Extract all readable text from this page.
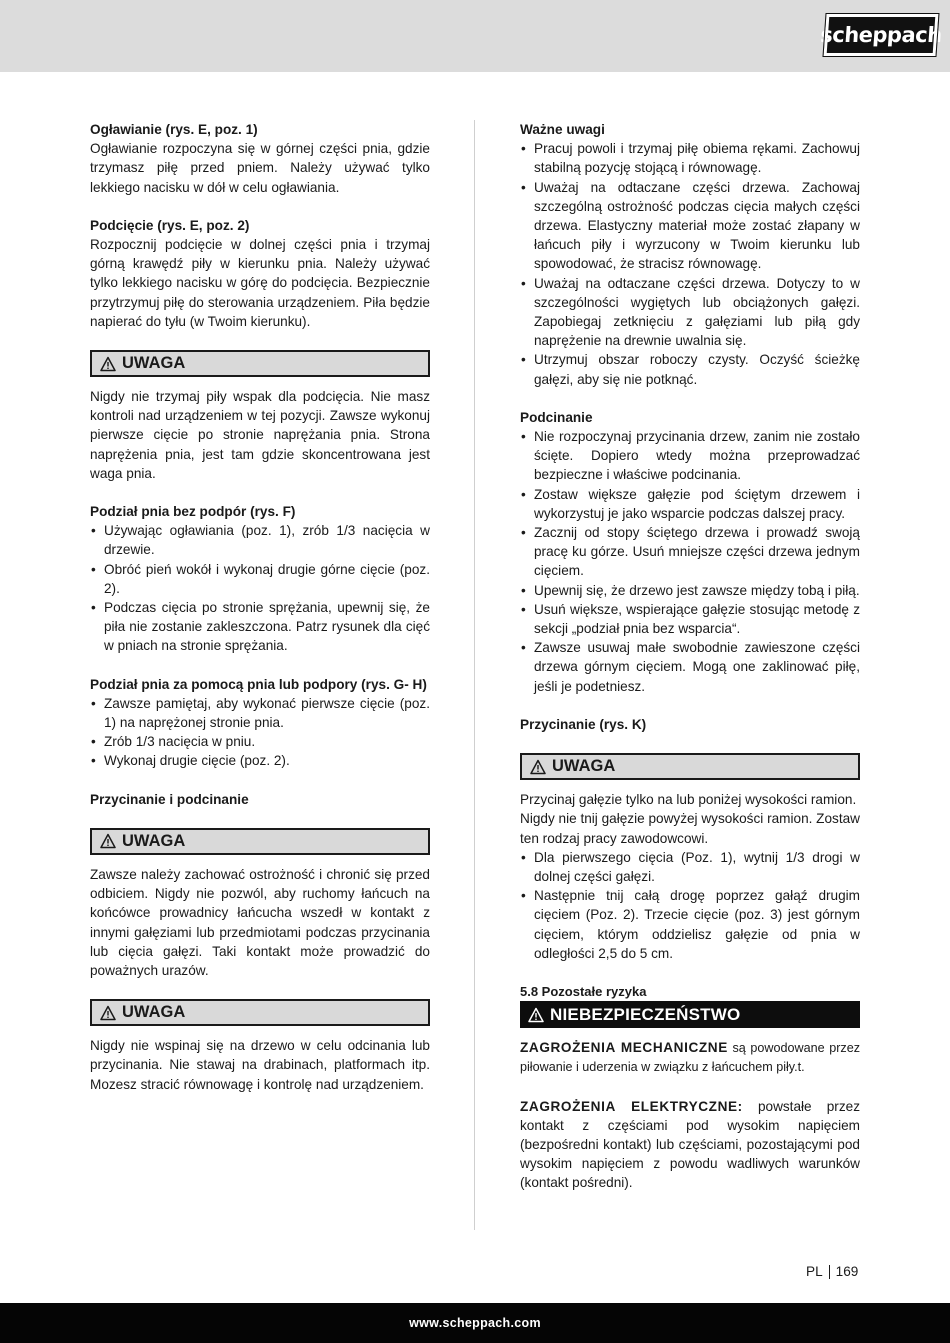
scheppach
Ogławianie (rys. E, poz. 1)

Ogławianie rozpoczyna się w górnej części pnia, gdzie trzymasz piłę przed pniem. Należy używać tylko lekkiego nacisku w dół w celu ogławiania.

Podcięcie (rys. E, poz. 2)

Rozpocznij podcięcie w dolnej części pnia i trzymaj górną krawędź piły w kierunku pnia. Należy używać tylko lekkiego nacisku w górę do podcięcia. Bezpiecznie przytrzymuj piłę do sterowania urządzeniem. Piła będzie napierać do tyłu (w Twoim kierunku).

UWAGA

Nigdy nie trzymaj piły wspak dla podcięcia. Nie masz kontroli nad urządzeniem w tej pozycji. Zawsze wykonuj pierwsze cięcie po stronie naprężania pnia. Strona naprężenia pnia, jest tam gdzie skoncentrowana jest waga pnia.

Podział pnia bez podpór (rys. F)
• Używając ogławiania (poz. 1), zrób 1/3 nacięcia w drzewie.
• Obróć pień wokół i wykonaj drugie górne cięcie (poz. 2).
• Podczas cięcia po stronie sprężania, upewnij się, że piła nie zostanie zakleszczona. Patrz rysunek dla cięć w pniach na stronie sprężania.
Podział pnia za pomocą pnia lub podpory (rys. G- H)
• Zawsze pamiętaj, aby wykonać pierwsze cięcie (poz. 1) na naprężonej stronie pnia.
• Zrób 1/3 nacięcia w pniu.
• Wykonaj drugie cięcie (poz. 2).
Przycinanie i podcinanie
UWAGA

Zawsze należy zachować ostrożność i chronić się przed odbiciem. Nigdy nie pozwól, aby ruchomy łańcuch na końcówce prowadnicy łańcucha wszedł w kontakt z innymi gałęziami lub przedmiotami podczas przycinania lub cięcia gałęzi. Taki kontakt może prowadzić do poważnych urazów.

UWAGA

Nigdy nie wspinaj się na drzewo w celu odcinania lub przycinania. Nie stawaj na drabinach, platformach itp. Mozesz stracić równowagę i kontrolę nad urządzeniem.

Ważne uwagi
• Pracuj powoli i trzymaj piłę obiema rękami. Zachowuj stabilną pozycję stojącą i równowagę.
• Uważaj na odtaczane części drzewa. Zachowaj szczególną ostrożność podczas cięcia małych części drzewa. Elastyczny materiał może zostać złapany w łańcuch piły i wyrzucony w Twoim kierunku lub spowodować, że stracisz równowagę.
• Uważaj na odtaczane części drzewa. Dotyczy to w szczególności wygiętych lub obciążonych gałęzi. Zapobiegaj zetknięciu z gałęziami lub piłą gdy naprężenie na drewnie uwalnia się.
• Utrzymuj obszar roboczy czysty. Oczyść ścieżkę gałęzi, aby się nie potknąć.
Podcinanie
• Nie rozpoczynaj przycinania drzew, zanim nie zostało ścięte. Dopiero wtedy można przeprowadzać bezpieczne i właściwe podcinania.
• Zostaw większe gałęzie pod ściętym drzewem i wykorzystuj je jako wsparcie podczas dalszej pracy.
• Zacznij od stopy ściętego drzewa i prowadź swoją pracę ku górze. Usuń mniejsze części drzewa jednym cięciem.
• Upewnij się, że drzewo jest zawsze między tobą i piłą.
• Usuń większe, wspierające gałęzie stosując metodę z sekcji „podział pnia bez wsparcia“.
• Zawsze usuwaj małe swobodnie zawieszone części drzewa górnym cięciem. Mogą one zaklinować piłę, jeśli je podetniesz.
Przycinanie (rys. K)
UWAGA

Przycinaj gałęzie tylko na lub poniżej wysokości ramion.

Nigdy nie tnij gałęzie powyżej wysokości ramion. Zostaw ten rodzaj pracy zawodowcowi.

• Dla pierwszego cięcia (Poz. 1), wytnij 1/3 drogi w dolnej części gałęzi.
• Następnie tnij całą drogę poprzez gałąź drugim cięciem (Poz. 2). Trzecie cięcie (poz. 3) jest górnym cięciem, którym oddzielisz gałęzie od pnia w odległości 2,5 do 5 cm.
5.8 Pozostałe ryzyka
NIEBEZPIECZEŃSTWO

ZAGROŻENIA MECHANICZNE są powodowane przez piłowanie i uderzenia w związku z łańcuchem piły.t.

ZAGROŻENIA ELEKTRYCZNE: powstałe przez kontakt z częściami pod wysokim napięciem (bezpośredni kontakt) lub częściami, pozostającymi pod wysokim napięciem z powodu wadliwych warunków (kontakt pośredni).

PL 169
www.scheppach.com
